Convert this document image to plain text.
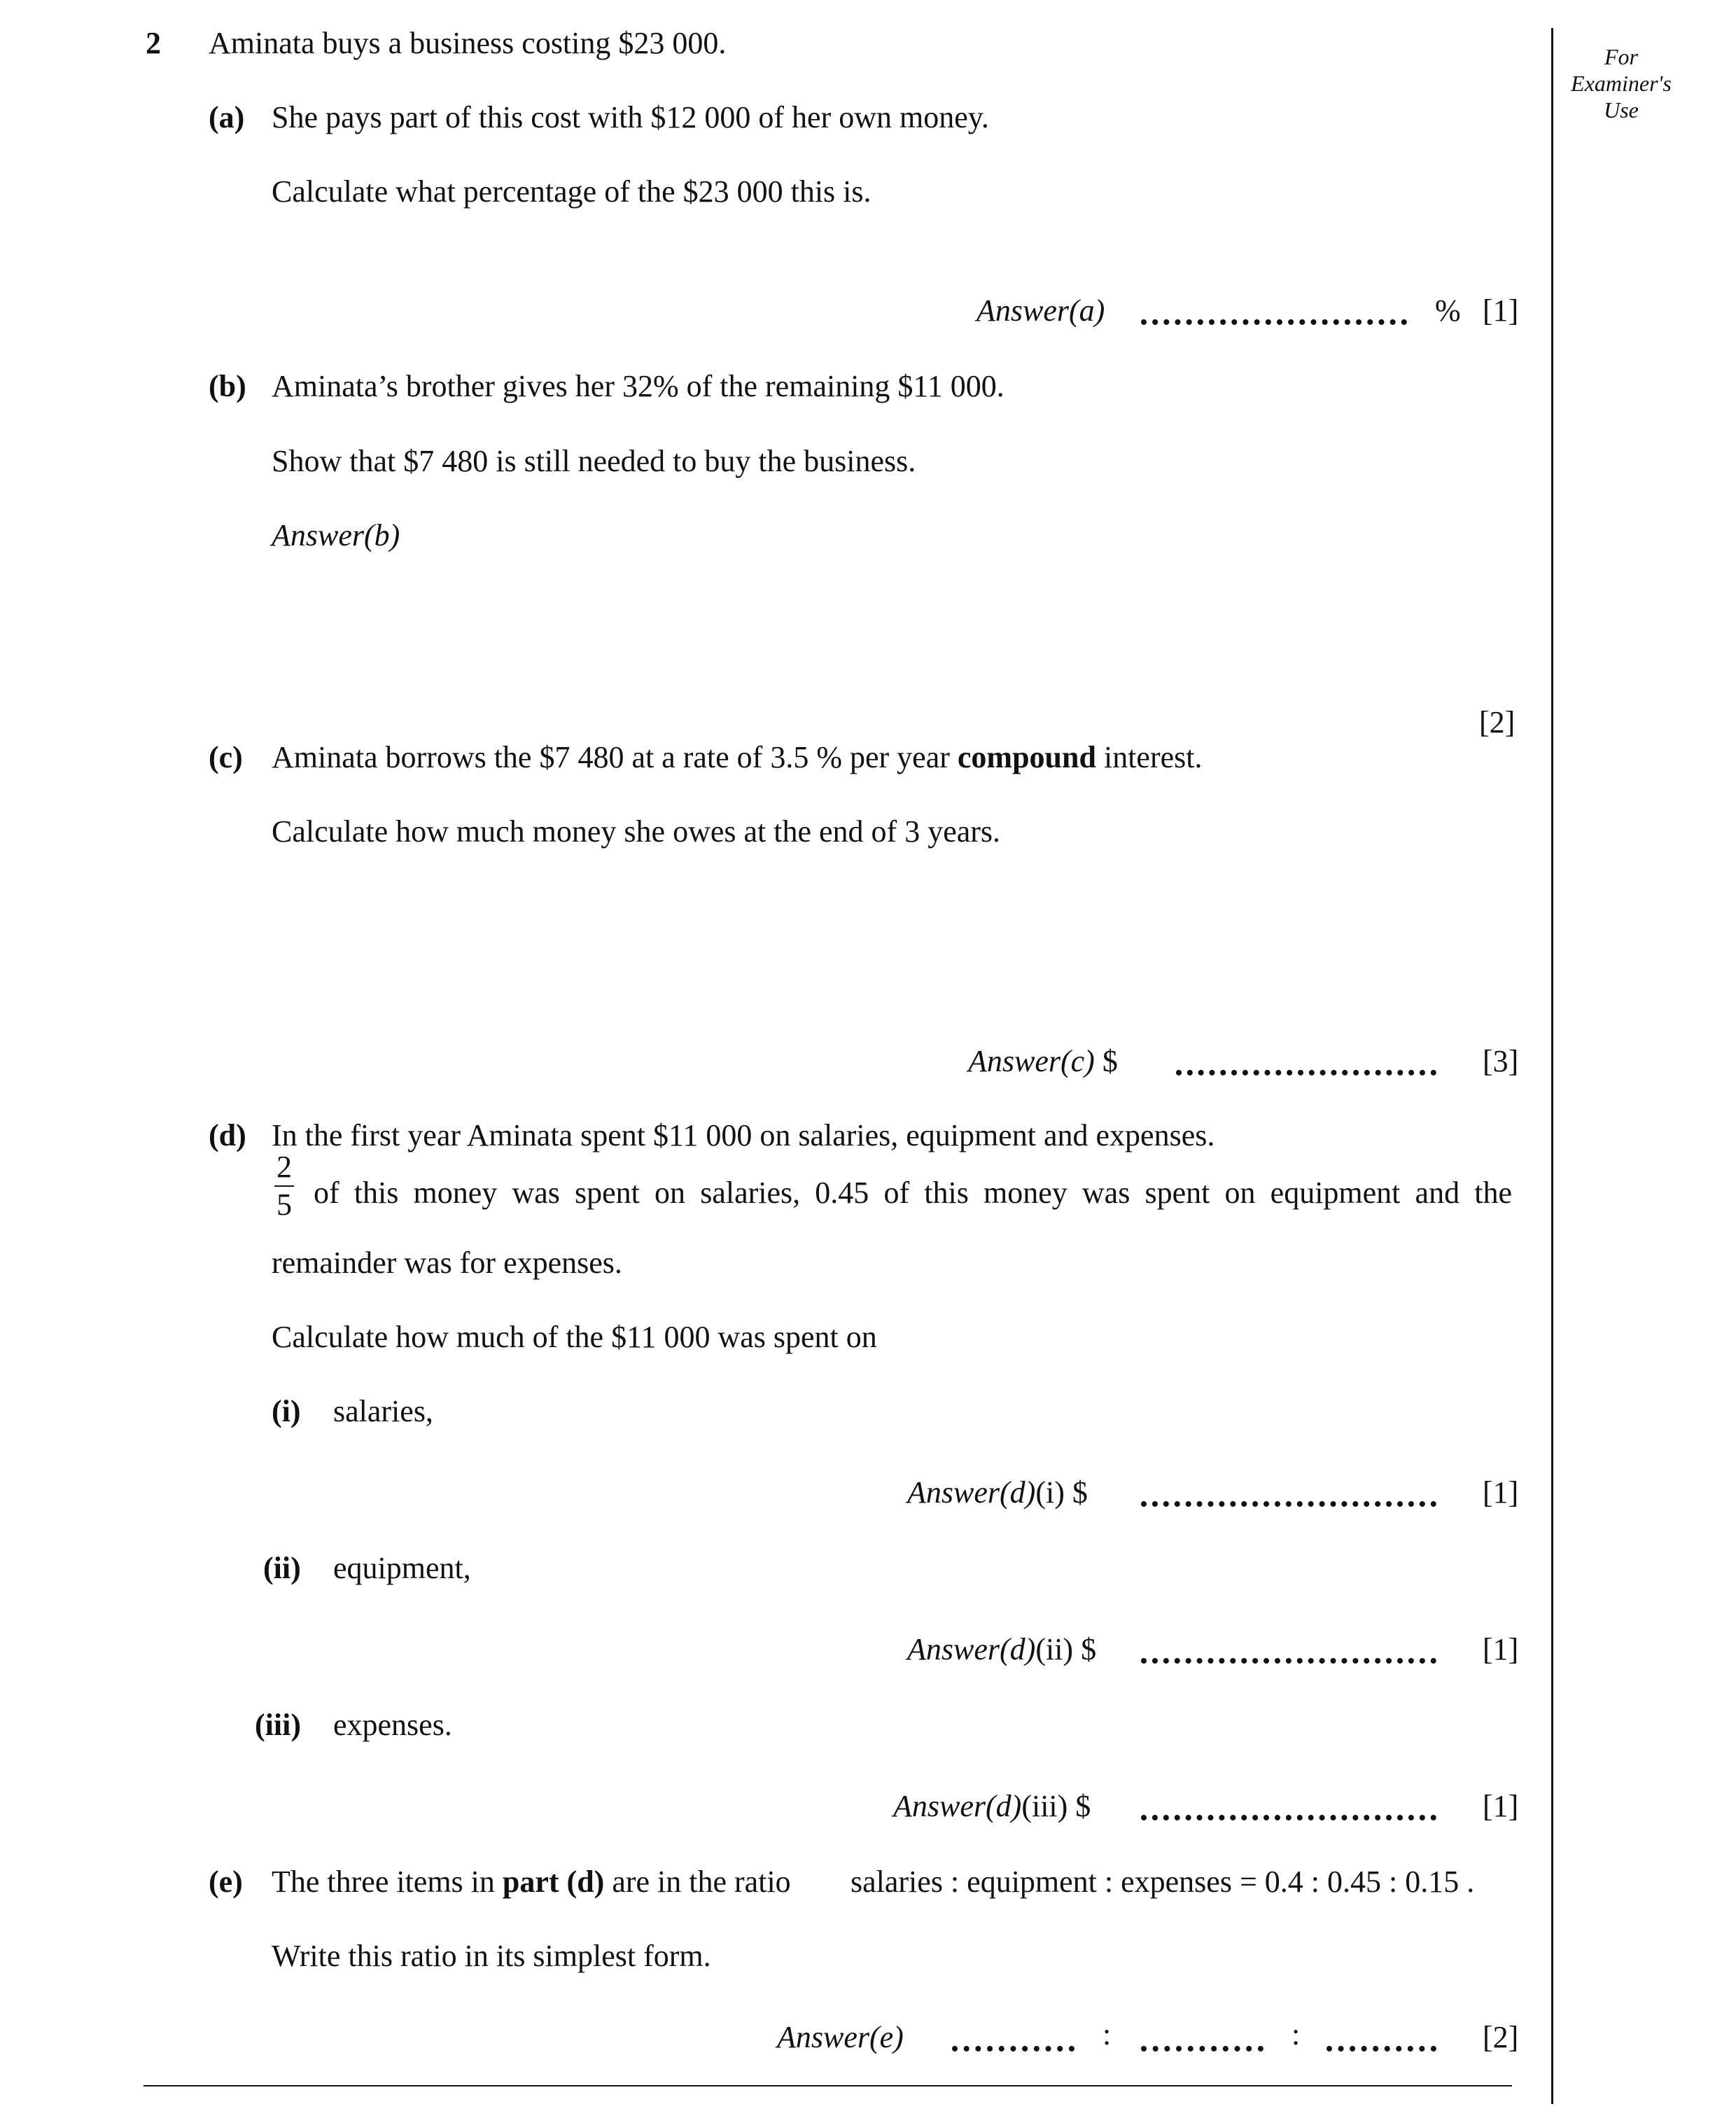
For
Examiner's
Use
2 Aminata buys a business costing $23 000.
(a) She pays part of this cost with $12 000 of her own money.
Calculate what percentage of the $23 000 this is.
Answer(a)	% [1]
(b) Aminata’s brother gives her 32% of the remaining $11 000.
Show that $7 480 is still needed to buy the business.
Answer(b)
[2]
(c) Aminata borrows the $7 480 at a rate of 3.5 % per year compound interest.
Calculate how much money she owes at the end of 3 years.
Answer(c) $	[3]
(d) In the first year Aminata spent $11 000 on salaries, equipment and expenses.
2
5 of this money was spent on salaries, 0.45 of this money was spent on equipment and the
remainder was for expenses.
Calculate how much of the $11 000 was spent on
(i) salaries,
Answer(d)(i) $	[1]
(ii) equipment,
Answer(d)(ii) $	[1]
(iii) expenses.
Answer(d)(iii) $	[1]
(e) The three items in part (d) are in the ratio salaries : equipment : expenses = 0.4 : 0.45 : 0.15 .
Write this ratio in its simplest form.
Answer(e)	:	:	[2]
